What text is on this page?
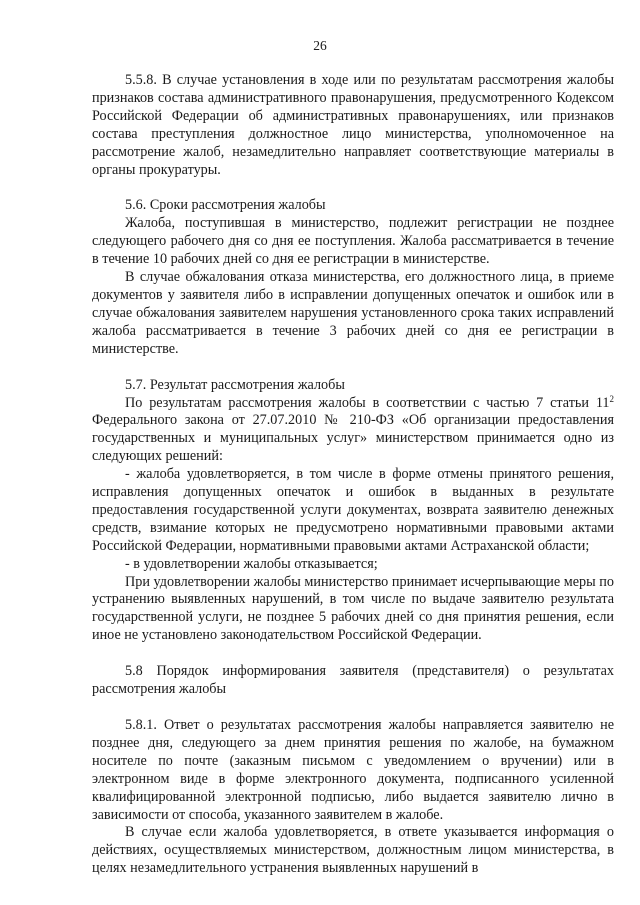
26

5.5.8. В случае установления в ходе или по результатам рассмотрения жалобы признаков состава административного правонарушения, предусмотренного Кодексом Российской Федерации об административных правонарушениях, или признаков состава преступления должностное лицо министерства, уполномоченное на рассмотрение жалоб, незамедлительно направляет соответствующие материалы в органы прокуратуры.

5.6. Сроки рассмотрения жалобы

Жалоба, поступившая в министерство, подлежит регистрации не позднее следующего рабочего дня со дня ее поступления. Жалоба рассматривается в течение в течение 10 рабочих дней со дня ее регистрации в министерстве.

В случае обжалования отказа министерства, его должностного лица, в приеме документов у заявителя либо в исправлении допущенных опечаток и ошибок или в случае обжалования заявителем нарушения установленного срока таких исправлений жалоба рассматривается в течение 3 рабочих дней со дня ее регистрации в министерстве.

5.7. Результат рассмотрения жалобы

По результатам рассмотрения жалобы в соответствии с частью 7 статьи $11^2$ Федерального закона от 27.07.2010 № 210-ФЗ «Об организации предоставления государственных и муниципальных услуг» министерством принимается одно из следующих решений:

- жалоба удовлетворяется, в том числе в форме отмены принятого решения, исправления допущенных опечаток и ошибок в выданных в результате предоставления государственной услуги документах, возврата заявителю денежных средств, взимание которых не предусмотрено нормативными правовыми актами Российской Федерации, нормативными правовыми актами Астраханской области;

- в удовлетворении жалобы отказывается;

При удовлетворении жалобы министерство принимает исчерпывающие меры по устранению выявленных нарушений, в том числе по выдаче заявителю результата государственной услуги, не позднее 5 рабочих дней со дня принятия решения, если иное не установлено законодательством Российской Федерации.

5.8 Порядок информирования заявителя (представителя) о результатах рассмотрения жалобы

5.8.1. Ответ о результатах рассмотрения жалобы направляется заявителю не позднее дня, следующего за днем принятия решения по жалобе, на бумажном носителе по почте (заказным письмом с уведомлением о вручении) или в электронном виде в форме электронного документа, подписанного усиленной квалифицированной электронной подписью, либо выдается заявителю лично в зависимости от способа, указанного заявителем в жалобе.

В случае если жалоба удовлетворяется, в ответе указывается информация о действиях, осуществляемых министерством, должностным лицом министерства, в целях незамедлительного устранения выявленных нарушений в
